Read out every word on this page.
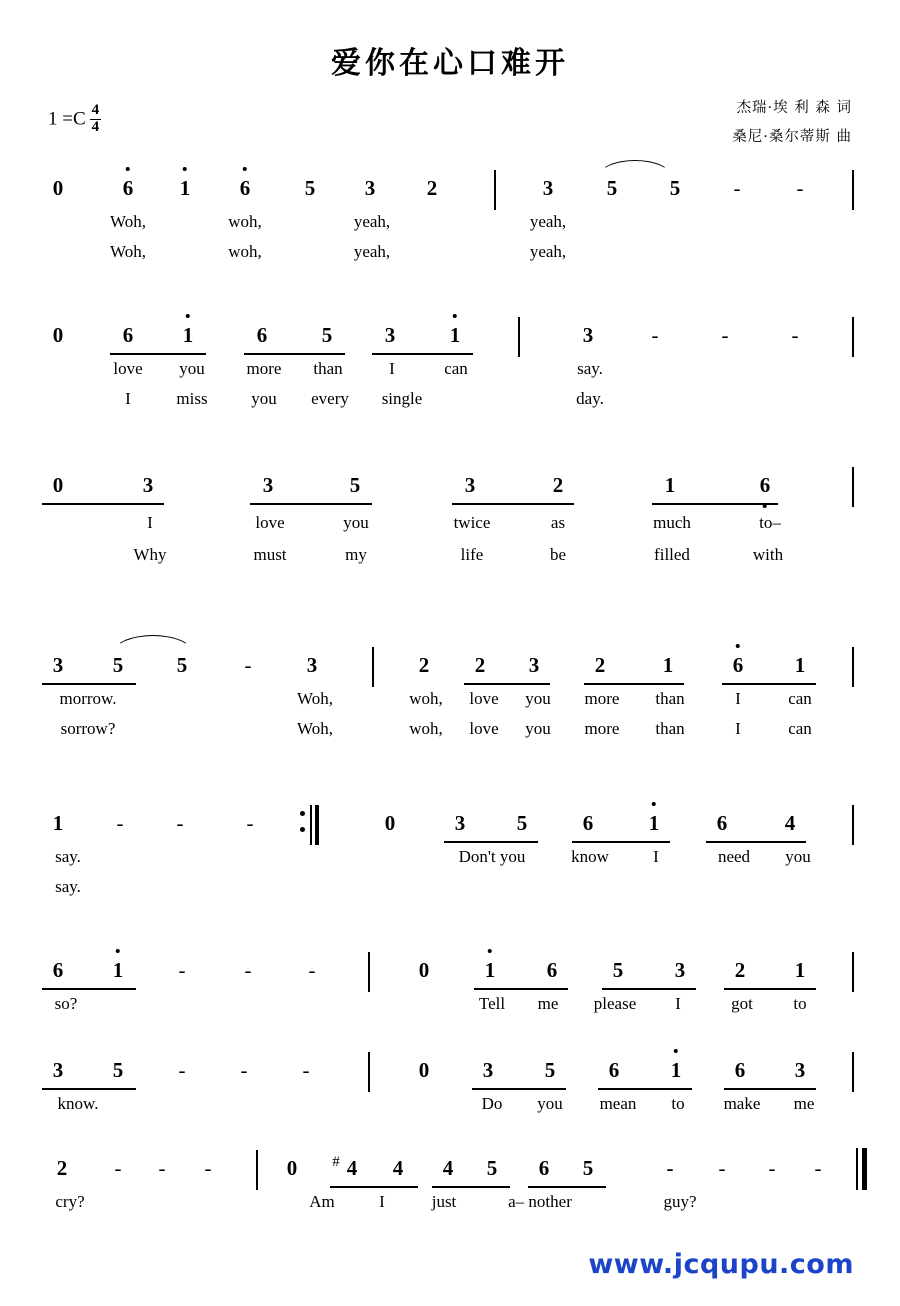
爱你在心口难开
$1 =C \frac{4}{4}$	杰瑞·埃 利 森 词
桑尼·桑尔蒂斯 曲
0	6 1 6	5 3 2	3	5	5	-	-
Woh,	woh,	yeah,	yeah,
Woh,	woh,	yeah,	yeah,
0	6 1	6	5	3	1	3	-	-	-
love you more than	I	can	say.
I	miss	you every single	day.
0	3	3	5	3	2	1	6
I	love	you	twice	as	much	to–
Why	must	my	life	be	filled	with
3 5	5	-	3	2 2 3	2	1	6 1
morrow.	Woh,	woh, love you more than	I	can
sorrow?	Woh,	woh, love you more than	I	can
1	-	-	-	0	3 5	6	1	6	4
say.	Don't you	know	I	need you
say.
6 1	-	-	-	0	1 6	5 3 2 1
so?	Tell me please I	got to
3 5	-	-	-	0	3 5	6 1	6 3
know.	Do you mean to make me
2 - - -	0 # 4 4 4 5 6 5	- - - -
cry?	Am	I	just	a– nother	guy?
www.jcqupu.com
